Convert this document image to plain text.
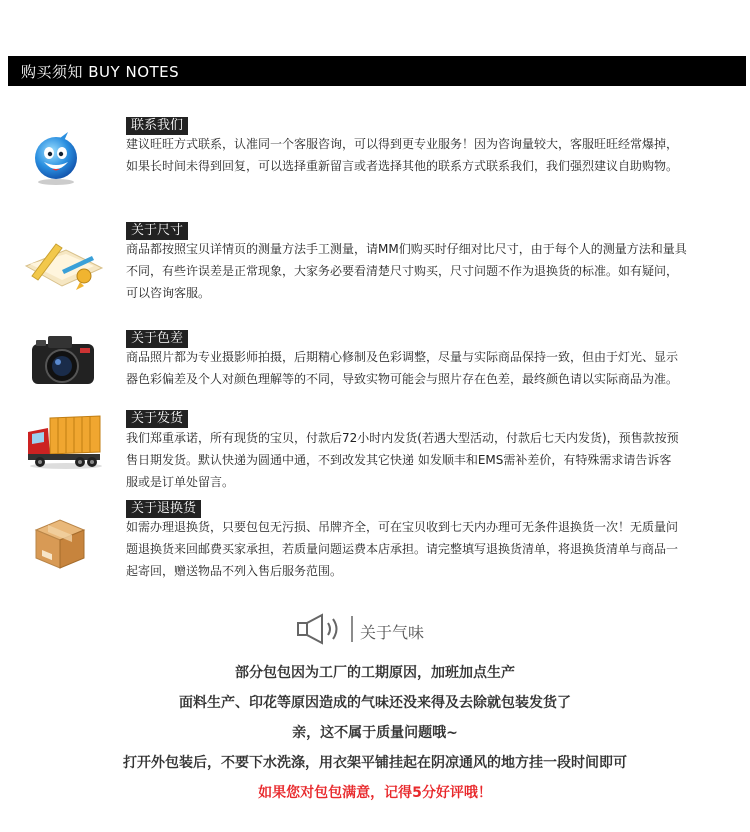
购买须知 BUY NOTES
联系我们

建议旺旺方式联系，认准同一个客服咨询，可以得到更专业服务！因为咨询量较大，客服旺旺经常爆掉，

如果长时间未得到回复，可以选择重新留言或者选择其他的联系方式联系我们，我们强烈建议自助购物。

关于尺寸

商品都按照宝贝详情页的测量方法手工测量，请MM们购买时仔细对比尺寸，由于每个人的测量方法和量具

不同，有些许误差是正常现象，大家务必要看清楚尺寸购买，尺寸问题不作为退换货的标准。如有疑问，

可以咨询客服。

关于色差

商品照片都为专业摄影师拍摄，后期精心修制及色彩调整，尽量与实际商品保持一致，但由于灯光、显示

器色彩偏差及个人对颜色理解等的不同，导致实物可能会与照片存在色差，最终颜色请以实际商品为准。

关于发货

我们郑重承诺，所有现货的宝贝，付款后72小时内发货(若遇大型活动，付款后七天内发货)，预售款按预

售日期发货。默认快递为圆通中通，不到改发其它快递 如发顺丰和EMS需补差价，有特殊需求请告诉客

服或是订单处留言。

关于退换货

如需办理退换货，只要包包无污损、吊牌齐全，可在宝贝收到七天内办理可无条件退换货一次！无质量问

题退换货来回邮费买家承担，若质量问题运费本店承担。请完整填写退换货清单，将退换货清单与商品一

起寄回，赠送物品不列入售后服务范围。

关于气味
部分包包因为工厂的工期原因，加班加点生产
面料生产、印花等原因造成的气味还没来得及去除就包装发货了
亲，这不属于质量问题哦~
打开外包装后，不要下水洗涤，用衣架平铺挂起在阴凉通风的地方挂一段时间即可
如果您对包包满意，记得5分好评哦！
